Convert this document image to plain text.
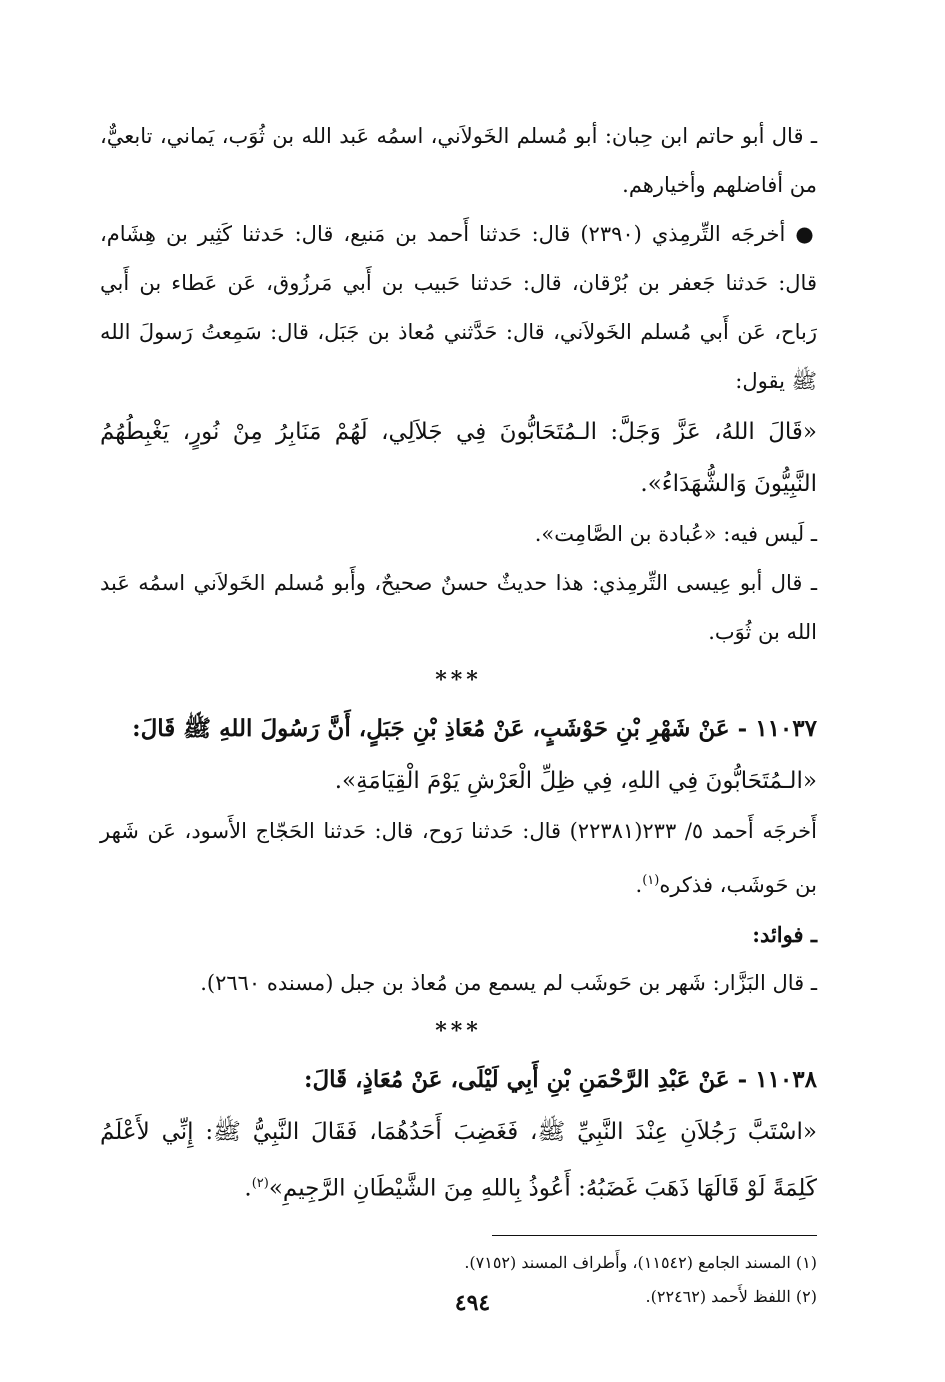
ـ قال أبو حاتم ابن حِبان: أبو مُسلم الخَولاَني، اسمُه عَبد الله بن ثُوَب، يَماني، تابعيٌّ، من أفاضلهم وأخيارهم.

●أخرجَه التِّرمِذي (٢٣٩٠) قال: حَدثنا أَحمد بن مَنيع، قال: حَدثنا كَثِير بن هِشَام، قال: حَدثنا جَعفر بن بُرْقان، قال: حَدثنا حَبيب بن أَبي مَرزُوق، عَن عَطاء بن أَبي رَباح، عَن أَبي مُسلم الخَولاَني، قال: حَدَّثني مُعاذ بن جَبَل، قال: سَمِعتُ رَسولَ الله ﷺ يقول:

«قَالَ اللهُ، عَزَّ وَجَلَّ: الـمُتَحَابُّونَ فِي جَلاَلِي، لَهُمْ مَنَابِرُ مِنْ نُورٍ، يَغْبِطُهُمُ النَّبِيُّونَ وَالشُّهَدَاءُ».

ـ لَيس فيه: «عُبادة بن الصَّامِت».

ـ قال أبو عِيسى التِّرمِذي: هذا حديثٌ حسنٌ صحيحٌ، وأَبو مُسلم الخَولاَني اسمُه عَبد الله بن ثُوَب.

***

١١٠٣٧ - عَنْ شَهْرِ بْنِ حَوْشَبٍ، عَنْ مُعَاذِ بْنِ جَبَلٍ، أَنَّ رَسُولَ اللهِ ﷺ قَالَ:

«الـمُتَحَابُّونَ فِي اللهِ، فِي ظِلِّ الْعَرْشِ يَوْمَ الْقِيَامَةِ».

أَخرجَه أَحمد ٥/ ٢٣٣(٢٢٣٨١) قال: حَدثنا رَوح، قال: حَدثنا الحَجّاج الأَسود، عَن شَهر بن حَوشَب، فذكره$^{(١)}$.

ـ فوائد:

ـ قال البَزَّار: شَهر بن حَوشَب لم يسمع من مُعاذ بن جبل (مسنده ٢٦٦٠).

***

١١٠٣٨ - عَنْ عَبْدِ الرَّحْمَنِ بْنِ أَبِي لَيْلَى، عَنْ مُعَاذٍ، قَالَ:

«اسْتَبَّ رَجُلاَنِ عِنْدَ النَّبِيِّ ﷺ، فَغَضِبَ أَحَدُهُمَا، فَقَالَ النَّبِيُّ ﷺ: إِنِّي لأَعْلَمُ كَلِمَةً لَوْ قَالَهَا ذَهَبَ غَضَبُهُ: أَعُوذُ بِاللهِ مِنَ الشَّيْطَانِ الرَّجِيمِ»$^{(٢)}$.

(١) المسند الجامع (١١٥٤٢)، وأَطراف المسند (٧١٥٢).

(٢) اللفظ لأَحمد (٢٢٤٦٢).

٤٩٤
